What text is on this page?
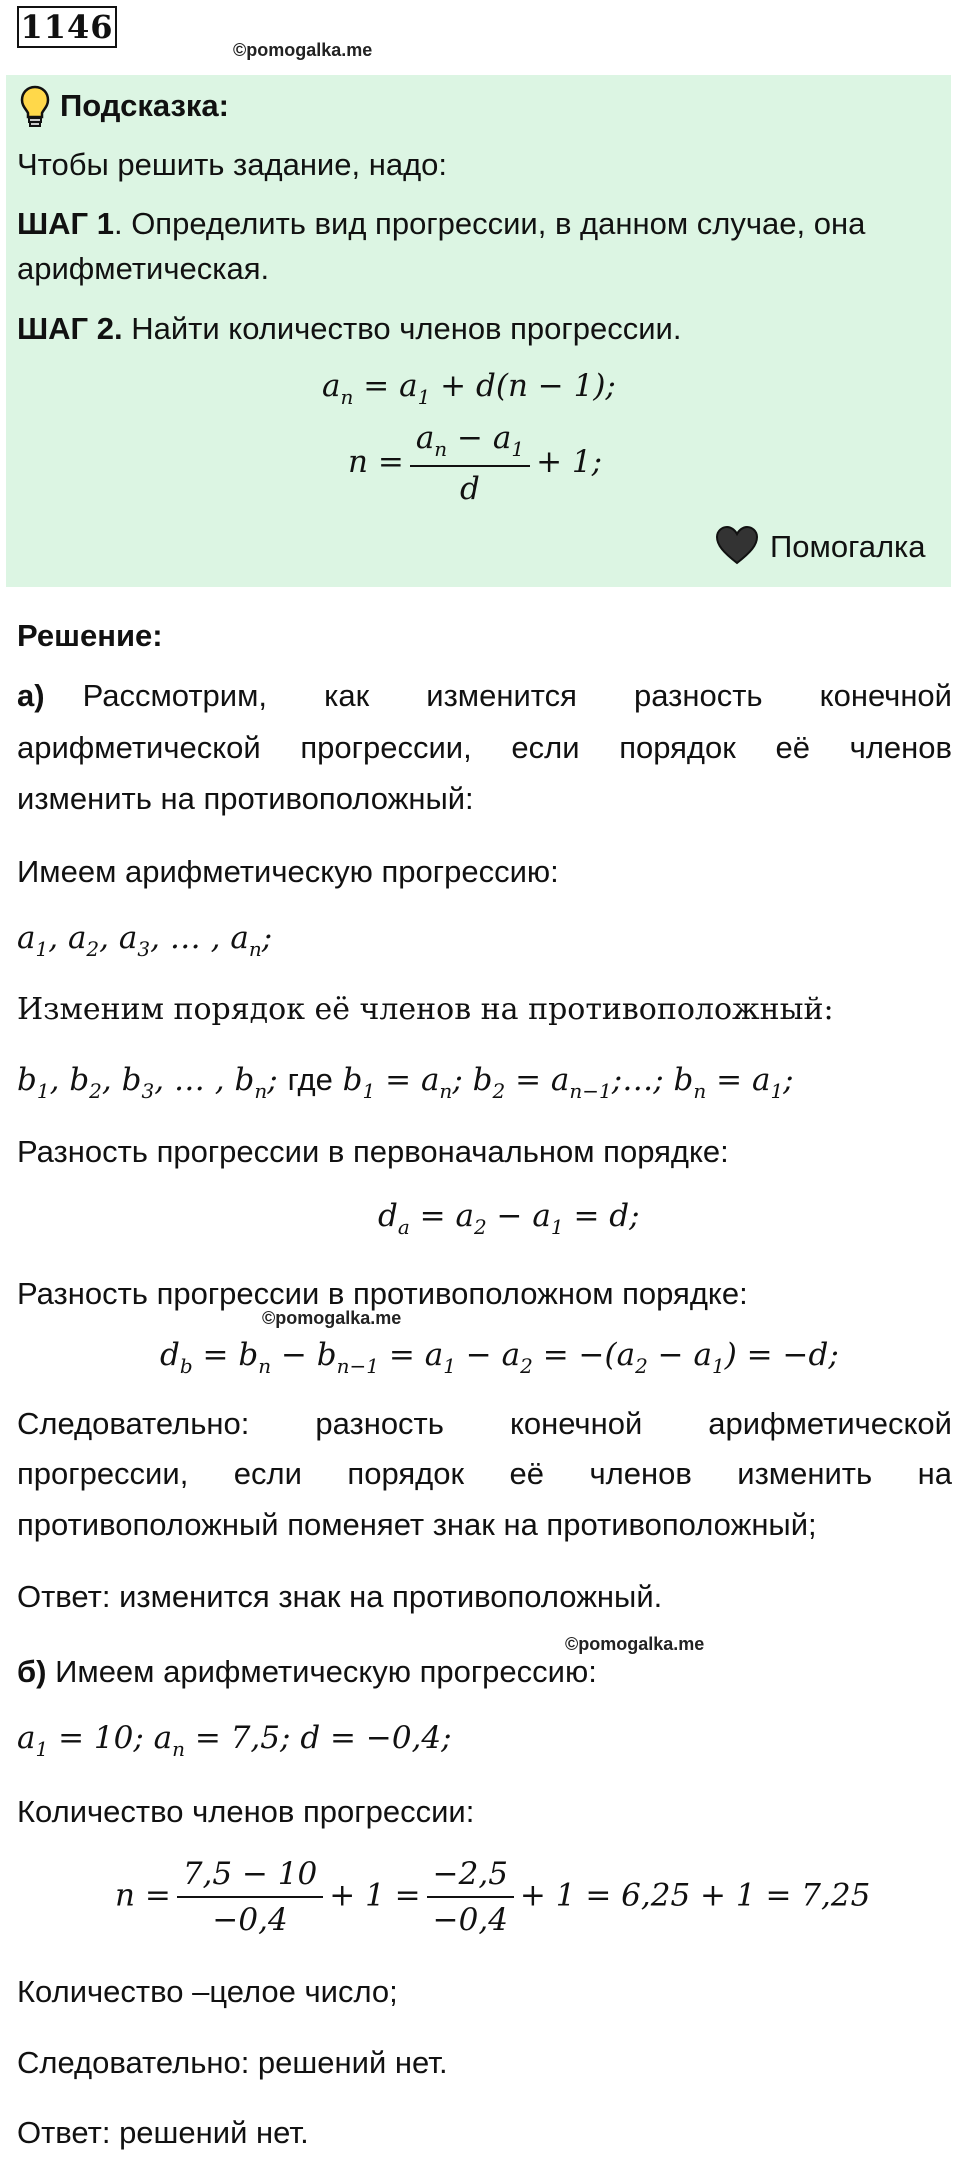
1146
©pomogalka.me
Подсказка:
Чтобы решить задание, надо:
ШАГ 1. Определить вид прогрессии, в данном случае, она
арифметическая.
ШАГ 2. Найти количество членов прогрессии.
$a_n = a_1 + d(n - 1)$;
$n = \frac{a_n - a_1}{d} + 1$;
Помогалка
Решение:
а) Рассмотрим, как изменится разность конечной
арифметической прогрессии, если порядок её членов
изменить на противоположный:
Имеем арифметическую прогрессию:
$a_1$, $a_2$, $a_3$, … , $a_n$;
Изменим порядок её членов на противоположный:
$b_1$, $b_2$, $b_3$, … , $b_n$; где $b_1 = a_n$; $b_2$ = $a_{n-1};\dots$; $b_n = a_1$;
Разность прогрессии в первоначальном порядке:
$d_a = a_2 - a_1 = d$;
Разность прогрессии в противоположном порядке:
©pomogalka.me
$d_b = b_n - b_{n-1} = a_1 - a_2 = -(a_2 - a_1) = -d$;
Следовательно: разность конечной арифметической
прогрессии, если порядок её членов изменить на
противоположный поменяет знак на противоположный;
Ответ: изменится знак на противоположный.
©pomogalka.me
б) Имеем арифметическую прогрессию:
$a_1 = 10$; $a_n = 7,5$; d = −0,4;
Количество членов прогрессии:
$n = \frac{7,5 - 10}{-0,4} + 1 = \frac{-2,5}{-0,4} + 1 = 6,25 + 1 = 7,25$
Количество –целое число;
Следовательно: решений нет.
Ответ: решений нет.
